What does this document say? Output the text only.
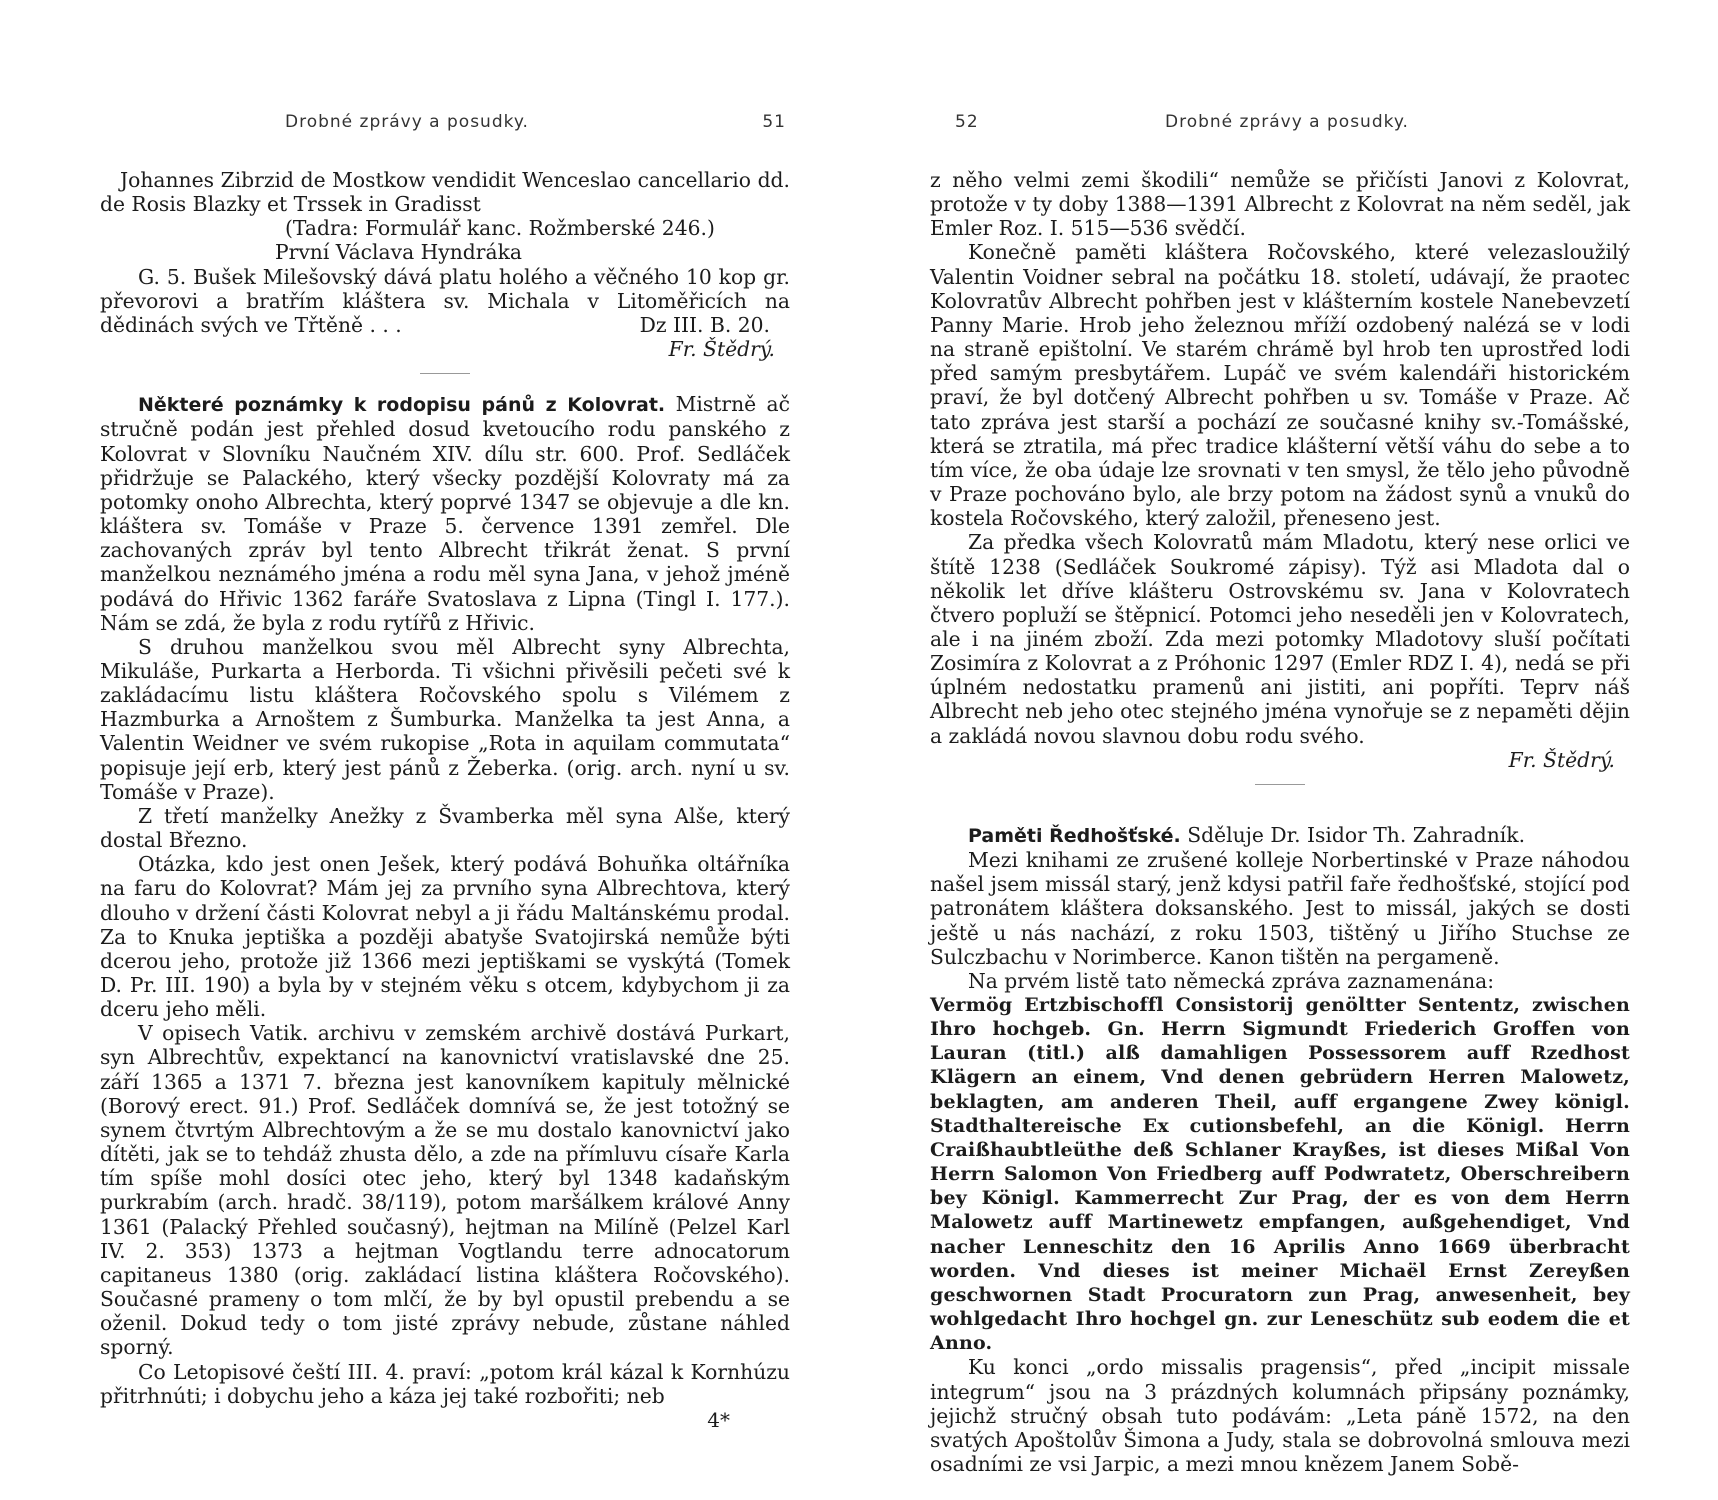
Drobné zprávy a posudky.	51

Johannes Zibrzid de Mostkow vendidit Wenceslao cancellario dd. de Rosis Blazky et Trssek in Gradisst

(Tadra: Formulář kanc. Rožmberské 246.)

První Václava Hyndráka

G. 5. Bušek Milešovský dává platu holého a věčného 10 kop gr. převorovi a bratřím kláštera sv. Michala v Litoměřicích na dědinách svých ve Třtěně . . .	Dz III. B. 20.

Fr. Štědrý.

Některé poznámky k rodopisu pánů z Kolovrat. Mistrně ač stručně podán jest přehled dosud kvetoucího rodu panského z Kolovrat v Slovníku Naučném XIV. dílu str. 600. Prof. Sedláček přidržuje se Palackého, který všecky pozdější Kolovraty má za potomky onoho Albrechta, který poprvé 1347 se objevuje a dle kn. kláštera sv. Tomáše v Praze 5. července 1391 zemřel. Dle zachovaných zpráv byl tento Albrecht třikrát ženat. S první manželkou neznámého jména a rodu měl syna Jana, v jehož jméně podává do Hřivic 1362 faráře Svatoslava z Lipna (Tingl I. 177.). Nám se zdá, že byla z rodu rytířů z Hřivic.

S druhou manželkou svou měl Albrecht syny Albrechta, Mikuláše, Purkarta a Herborda. Ti všichni přivěsili pečeti své k zakládacímu listu kláštera Ročovského spolu s Vilémem z Hazmburka a Arnoštem z Šumburka. Manželka ta jest Anna, a Valentin Weidner ve svém rukopise „Rota in aquilam commutata“ popisuje její erb, který jest pánů z Žeberka. (orig. arch. nyní u sv. Tomáše v Praze).

Z třetí manželky Anežky z Švamberka měl syna Alše, který dostal Březno.

Otázka, kdo jest onen Ješek, který podává Bohuňka oltářníka na faru do Kolovrat? Mám jej za prvního syna Albrechtova, který dlouho v držení části Kolovrat nebyl a ji řádu Maltánskému prodal. Za to Knuka jeptiška a později abatyše Svatojirská nemůže býti dcerou jeho, protože již 1366 mezi jeptiškami se vyskýtá (Tomek D. Pr. III. 190) a byla by v stejném věku s otcem, kdybychom ji za dceru jeho měli.

V opisech Vatik. archivu v zemském archivě dostává Purkart, syn Albrechtův, expektancí na kanovnictví vratislavské dne 25. září 1365 a 1371 7. března jest kanovníkem kapituly mělnické (Borový erect. 91.) Prof. Sedláček domnívá se, že jest totožný se synem čtvrtým Albrechtovým a že se mu dostalo kanovnictví jako dítěti, jak se to tehdáž zhusta dělo, a zde na přímluvu císaře Karla tím spíše mohl dosíci otec jeho, který byl 1348 kadaňským purkrabím (arch. hradč. 38/119), potom maršálkem králové Anny 1361 (Palacký Přehled současný), hejtman na Milíně (Pelzel Karl IV. 2. 353) 1373 a hejtman Vogtlandu terre adnocatorum capitaneus 1380 (orig. zakládací listina kláštera Ročovského). Současné prameny o tom mlčí, že by byl opustil prebendu a se oženil. Dokud tedy o tom jisté zprávy nebude, zůstane náhled sporný.

Co Letopisové čeští III. 4. praví: „potom král kázal k Kornhúzu přitrhnúti; i dobychu jeho a káza jej také rozbořiti; neb

4*

52	Drobné zprávy a posudky.

z něho velmi zemi škodili“ nemůže se přičísti Janovi z Kolovrat, protože v ty doby 1388—1391 Albrecht z Kolovrat na něm seděl, jak Emler Roz. I. 515—536 svědčí.

Konečně paměti kláštera Ročovského, které velezasloužilý Valentin Voidner sebral na počátku 18. století, udávají, že praotec Kolovratův Albrecht pohřben jest v klášterním kostele Nanebevzetí Panny Marie. Hrob jeho železnou mříží ozdobený nalézá se v lodi na straně epištolní. Ve starém chrámě byl hrob ten uprostřed lodi před samým presbytářem. Lupáč ve svém kalendáři historickém praví, že byl dotčený Albrecht pohřben u sv. Tomáše v Praze. Ač tato zpráva jest starší a pochází ze současné knihy sv.-Tomášské, která se ztratila, má přec tradice klášterní větší váhu do sebe a to tím více, že oba údaje lze srovnati v ten smysl, že tělo jeho původně v Praze pochováno bylo, ale brzy potom na žádost synů a vnuků do kostela Ročovského, který založil, přeneseno jest.

Za předka všech Kolovratů mám Mladotu, který nese orlici ve štítě 1238 (Sedláček Soukromé zápisy). Týž asi Mladota dal o několik let dříve klášteru Ostrovskému sv. Jana v Kolovratech čtvero popluží se štěpnicí. Potomci jeho neseděli jen v Kolovratech, ale i na jiném zboží. Zda mezi potomky Mladotovy sluší počítati Zosimíra z Kolovrat a z Próhonic 1297 (Emler RDZ I. 4), nedá se při úplném nedostatku pramenů ani jistiti, ani popříti. Teprv náš Albrecht neb jeho otec stejného jména vynořuje se z nepaměti dějin a zakládá novou slavnou dobu rodu svého.

Fr. Štědrý.

Paměti Ředhošťské. Sděluje Dr. Isidor Th. Zahradník.

Mezi knihami ze zrušené kolleje Norbertinské v Praze náhodou našel jsem missál starý, jenž kdysi patřil faře ředhošťské, stojící pod patronátem kláštera doksanského. Jest to missál, jakých se dosti ještě u nás nachází, z roku 1503, tištěný u Jiřího Stuchse ze Sulczbachu v Norimberce. Kanon tištěn na pergameně.

Na prvém listě tato německá zpráva zaznamenána:

Vermög Ertzbischoffl Consistorij genöltter Sententz, zwischen Ihro hochgeb. Gn. Herrn Sigmundt Friederich Groffen von Lauran (titl.) alß damahligen Possessorem auff Rzedhost Klägern an einem, Vnd denen gebrüdern Herren Malowetz, beklagten, am anderen Theil, auff ergangene Zwey königl. Stadthaltereische Ex cutionsbefehl, an die Königl. Herrn Craißhaubtleüthe deß Schlaner Krayßes, ist dieses Mißal Von Herrn Salomon Von Friedberg auff Podwratetz, Oberschreibern bey Königl. Kammerrecht Zur Prag, der es von dem Herrn Malowetz auff Martinewetz empfangen, außgehendiget, Vnd nacher Lenneschitz den 16 Aprilis Anno 1669 überbracht worden. Vnd dieses ist meiner Michaël Ernst Zereyßen geschwornen Stadt Procuratorn zun Prag, anwesenheit, bey wohlgedacht Ihro hochgel gn. zur Leneschütz sub eodem die et Anno.

Ku konci „ordo missalis pragensis“, před „incipit missale integrum“ jsou na 3 prázdných kolumnách připsány poznámky, jejichž stručný obsah tuto podávám: „Leta páně 1572, na den svatých Apoštolův Šimona a Judy, stala se dobrovolná smlouva mezi osadními ze vsi Jarpic, a mezi mnou knězem Janem Sobě-
